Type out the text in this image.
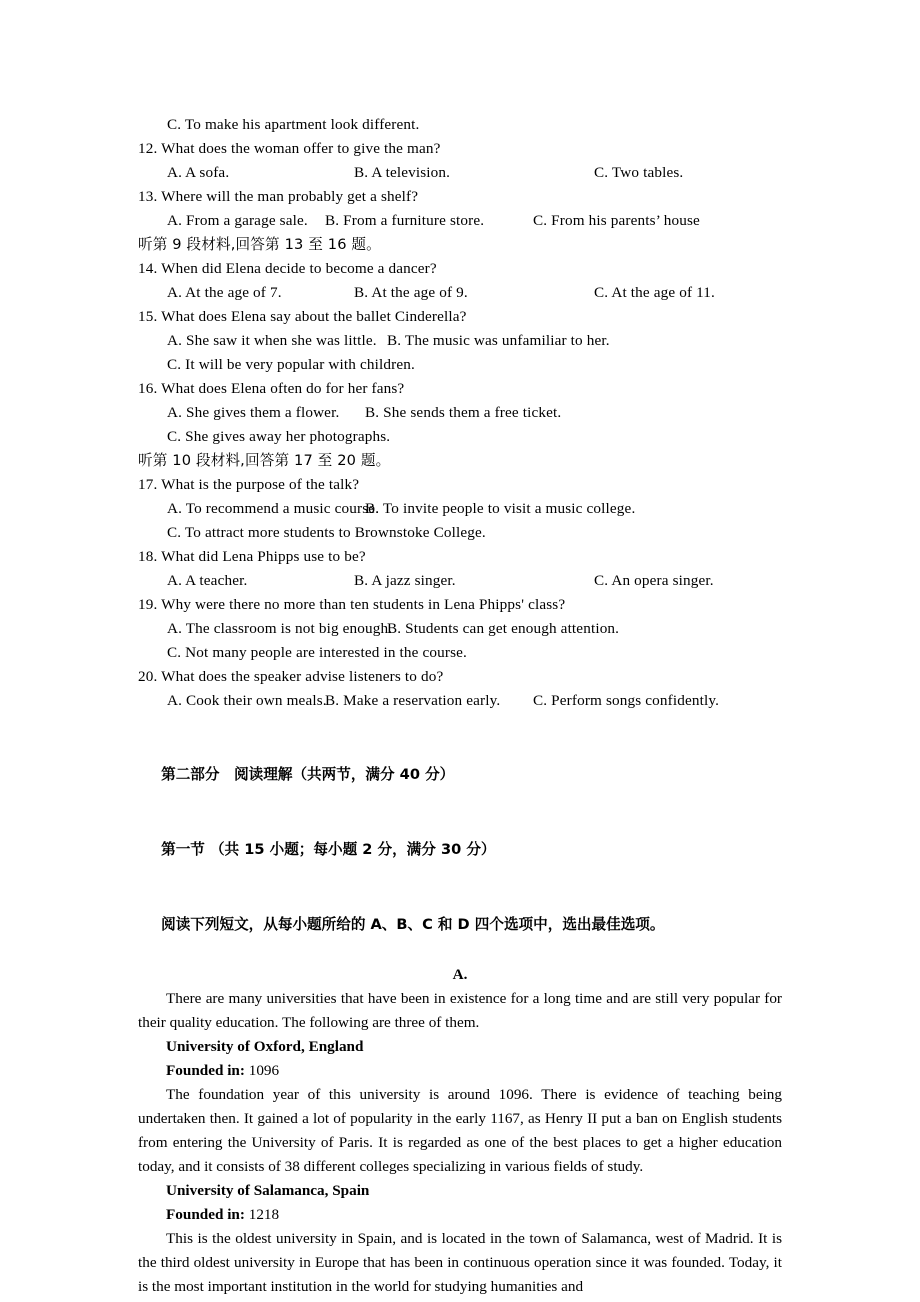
C. To make his apartment look different.
12. What does the woman offer to give the man?
A. A sofa.	B. A television.	C. Two tables.
13. Where will the man probably get a shelf?
A. From a garage sale. B. From a furniture store.	C. From his parents’ house
听第 9 段材料,回答第 13 至 16 题。
14. When did Elena decide to become a dancer?
A. At the age of 7.	B. At the age of 9.	C. At the age of 11.
15. What does Elena say about the ballet Cinderella?
A. She saw it when she was little. B. The music was unfamiliar to her.
C. It will be very popular with children.
16. What does Elena often do for her fans?
A. She gives them a flower. B. She sends them a free ticket.
C. She gives away her photographs.
听第 10 段材料,回答第 17 至 20 题。
17. What is the purpose of the talk?
A. To recommend a music course.B. To invite people to visit a music college.
C. To attract more students to Brownstoke College.
18. What did Lena Phipps use to be?
A. A teacher.	B. A jazz singer.	C. An opera singer.
19. Why were there no more than ten students in Lena Phipps' class?
A. The classroom is not big enough.B. Students can get enough attention.
C. Not many people are interested in the course.
20. What does the speaker advise listeners to do?
A. Cook their own meals.B. Make a reservation early. C. Perform songs confidently.

第二部分　阅读理解（共两节，满分 40 分）

第一节 （共 15 小题；每小题 2 分，满分 30 分）

阅读下列短文，从每小题所给的 A、B、C 和 D 四个选项中，选出最佳选项。

A.

There are many universities that have been in existence for a long time and are still very popular for their quality education. The following are three of them.

University of Oxford, England
Founded in: 1096

The foundation year of this university is around 1096. There is evidence of teaching being undertaken then. It gained a lot of popularity in the early 1167, as Henry II put a ban on English students from entering the University of Paris. It is regarded as one of the best places to get a higher education today, and it consists of 38 different colleges specializing in various fields of study.

University of Salamanca, Spain
Founded in: 1218

This is the oldest university in Spain, and is located in the town of Salamanca, west of Madrid. It is the third oldest university in Europe that has been in continuous operation since it was founded. Today, it is the most important institution in the world for studying humanities and
